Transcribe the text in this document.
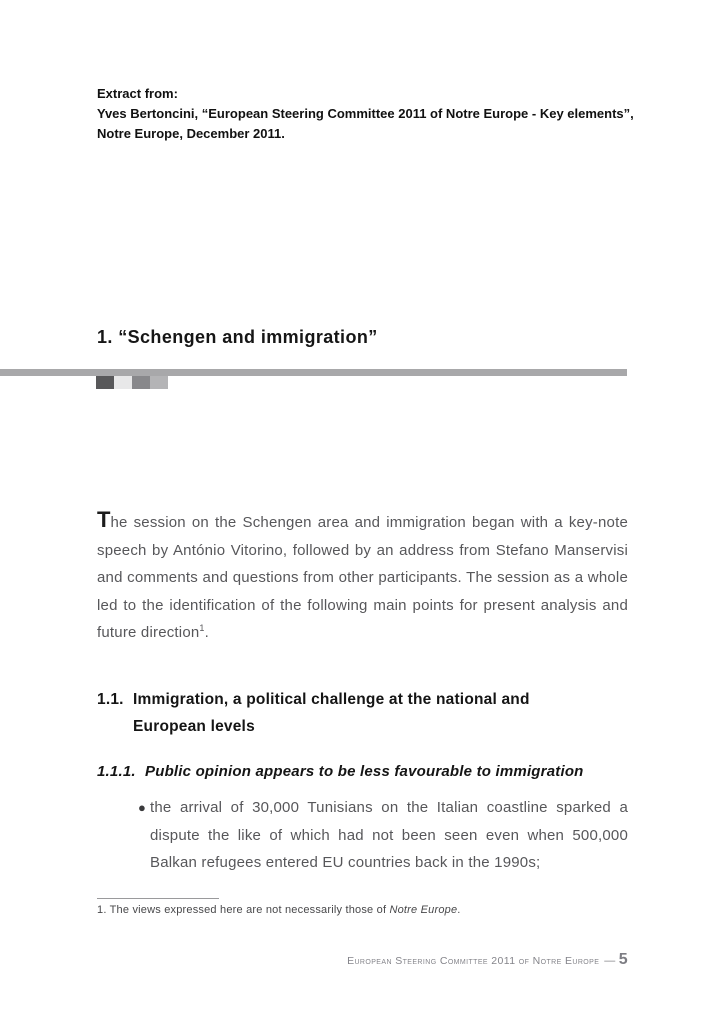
Extract from:
Yves Bertoncini, “European Steering Committee 2011 of Notre Europe - Key elements”,
Notre Europe, December 2011.
1. “Schengen and immigration”

The session on the Schengen area and immigration began with a key-note speech by António Vitorino, followed by an address from Stefano Manservisi and comments and questions from other participants. The session as a whole led to the identification of the following main points for present analysis and future direction$^1$.

1.1. Immigration, a political challenge at the national and European levels
1.1.1. Public opinion appears to be less favourable to immigration
● the arrival of 30,000 Tunisians on the Italian coastline sparked a dispute the like of which had not been seen even when 500,000 Balkan refugees entered EU countries back in the 1990s;
1. The views expressed here are not necessarily those of Notre Europe.
European Steering Committee 2011 of Notre Europe — 5
